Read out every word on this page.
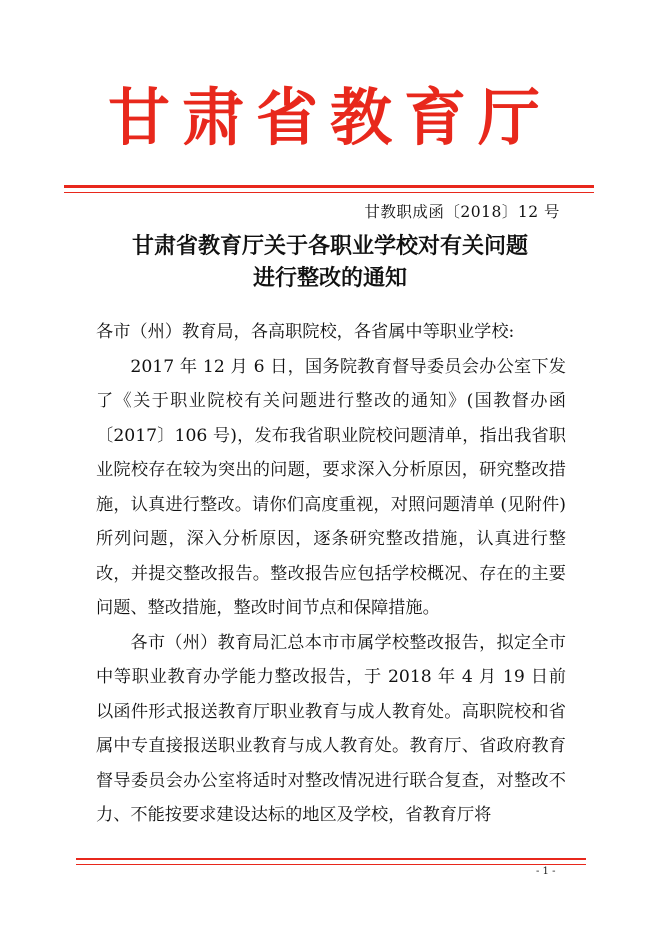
甘肃省教育厅
甘教职成函〔2018〕12 号
甘肃省教育厅关于各职业学校对有关问题
进行整改的通知

各市（州）教育局，各高职院校，各省属中等职业学校:

2017 年 12 月 6 日，国务院教育督导委员会办公室下发了《关于职业院校有关问题进行整改的通知》(国教督办函〔2017〕106 号)，发布我省职业院校问题清单，指出我省职业院校存在较为突出的问题，要求深入分析原因，研究整改措施，认真进行整改。请你们高度重视，对照问题清单 (见附件) 所列问题，深入分析原因，逐条研究整改措施，认真进行整改，并提交整改报告。整改报告应包括学校概况、存在的主要问题、整改措施，整改时间节点和保障措施。

各市（州）教育局汇总本市市属学校整改报告，拟定全市中等职业教育办学能力整改报告，于 2018 年 4 月 19 日前以函件形式报送教育厅职业教育与成人教育处。高职院校和省属中专直接报送职业教育与成人教育处。教育厅、省政府教育督导委员会办公室将适时对整改情况进行联合复查，对整改不力、不能按要求建设达标的地区及学校，省教育厅将

- 1 -
